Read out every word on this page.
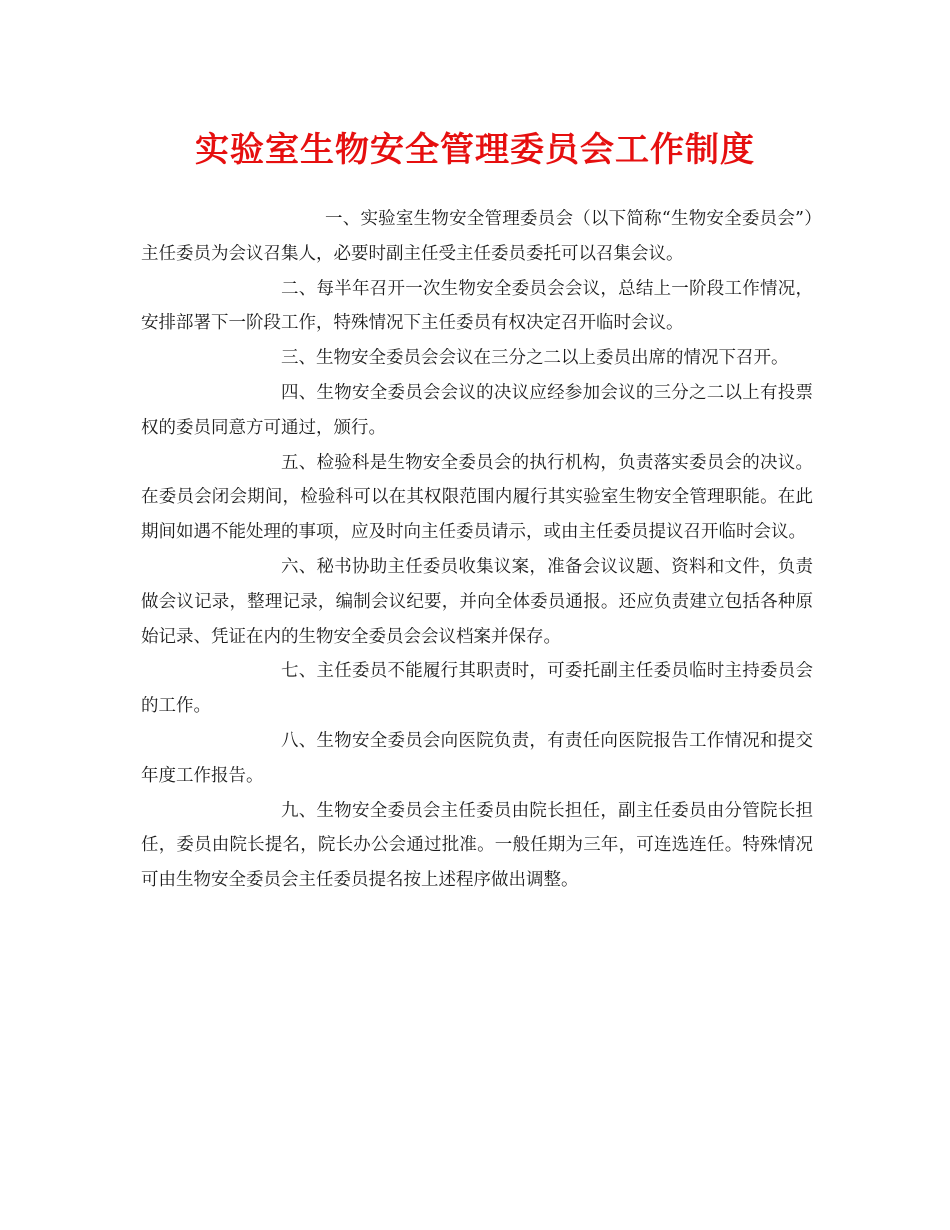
实验室生物安全管理委员会工作制度

一、实验室生物安全管理委员会（以下简称“生物安全委员会”）主任委员为会议召集人，必要时副主任受主任委员委托可以召集会议。

二、每半年召开一次生物安全委员会会议，总结上一阶段工作情况，安排部署下一阶段工作，特殊情况下主任委员有权决定召开临时会议。

三、生物安全委员会会议在三分之二以上委员出席的情况下召开。

四、生物安全委员会会议的决议应经参加会议的三分之二以上有投票权的委员同意方可通过，颁行。

五、检验科是生物安全委员会的执行机构，负责落实委员会的决议。在委员会闭会期间，检验科可以在其权限范围内履行其实验室生物安全管理职能。在此期间如遇不能处理的事项，应及时向主任委员请示，或由主任委员提议召开临时会议。

六、秘书协助主任委员收集议案，准备会议议题、资料和文件，负责做会议记录，整理记录，编制会议纪要，并向全体委员通报。还应负责建立包括各种原始记录、凭证在内的生物安全委员会会议档案并保存。

七、主任委员不能履行其职责时，可委托副主任委员临时主持委员会的工作。

八、生物安全委员会向医院负责，有责任向医院报告工作情况和提交年度工作报告。

九、生物安全委员会主任委员由院长担任，副主任委员由分管院长担任，委员由院长提名，院长办公会通过批准。一般任期为三年，可连选连任。特殊情况可由生物安全委员会主任委员提名按上述程序做出调整。
